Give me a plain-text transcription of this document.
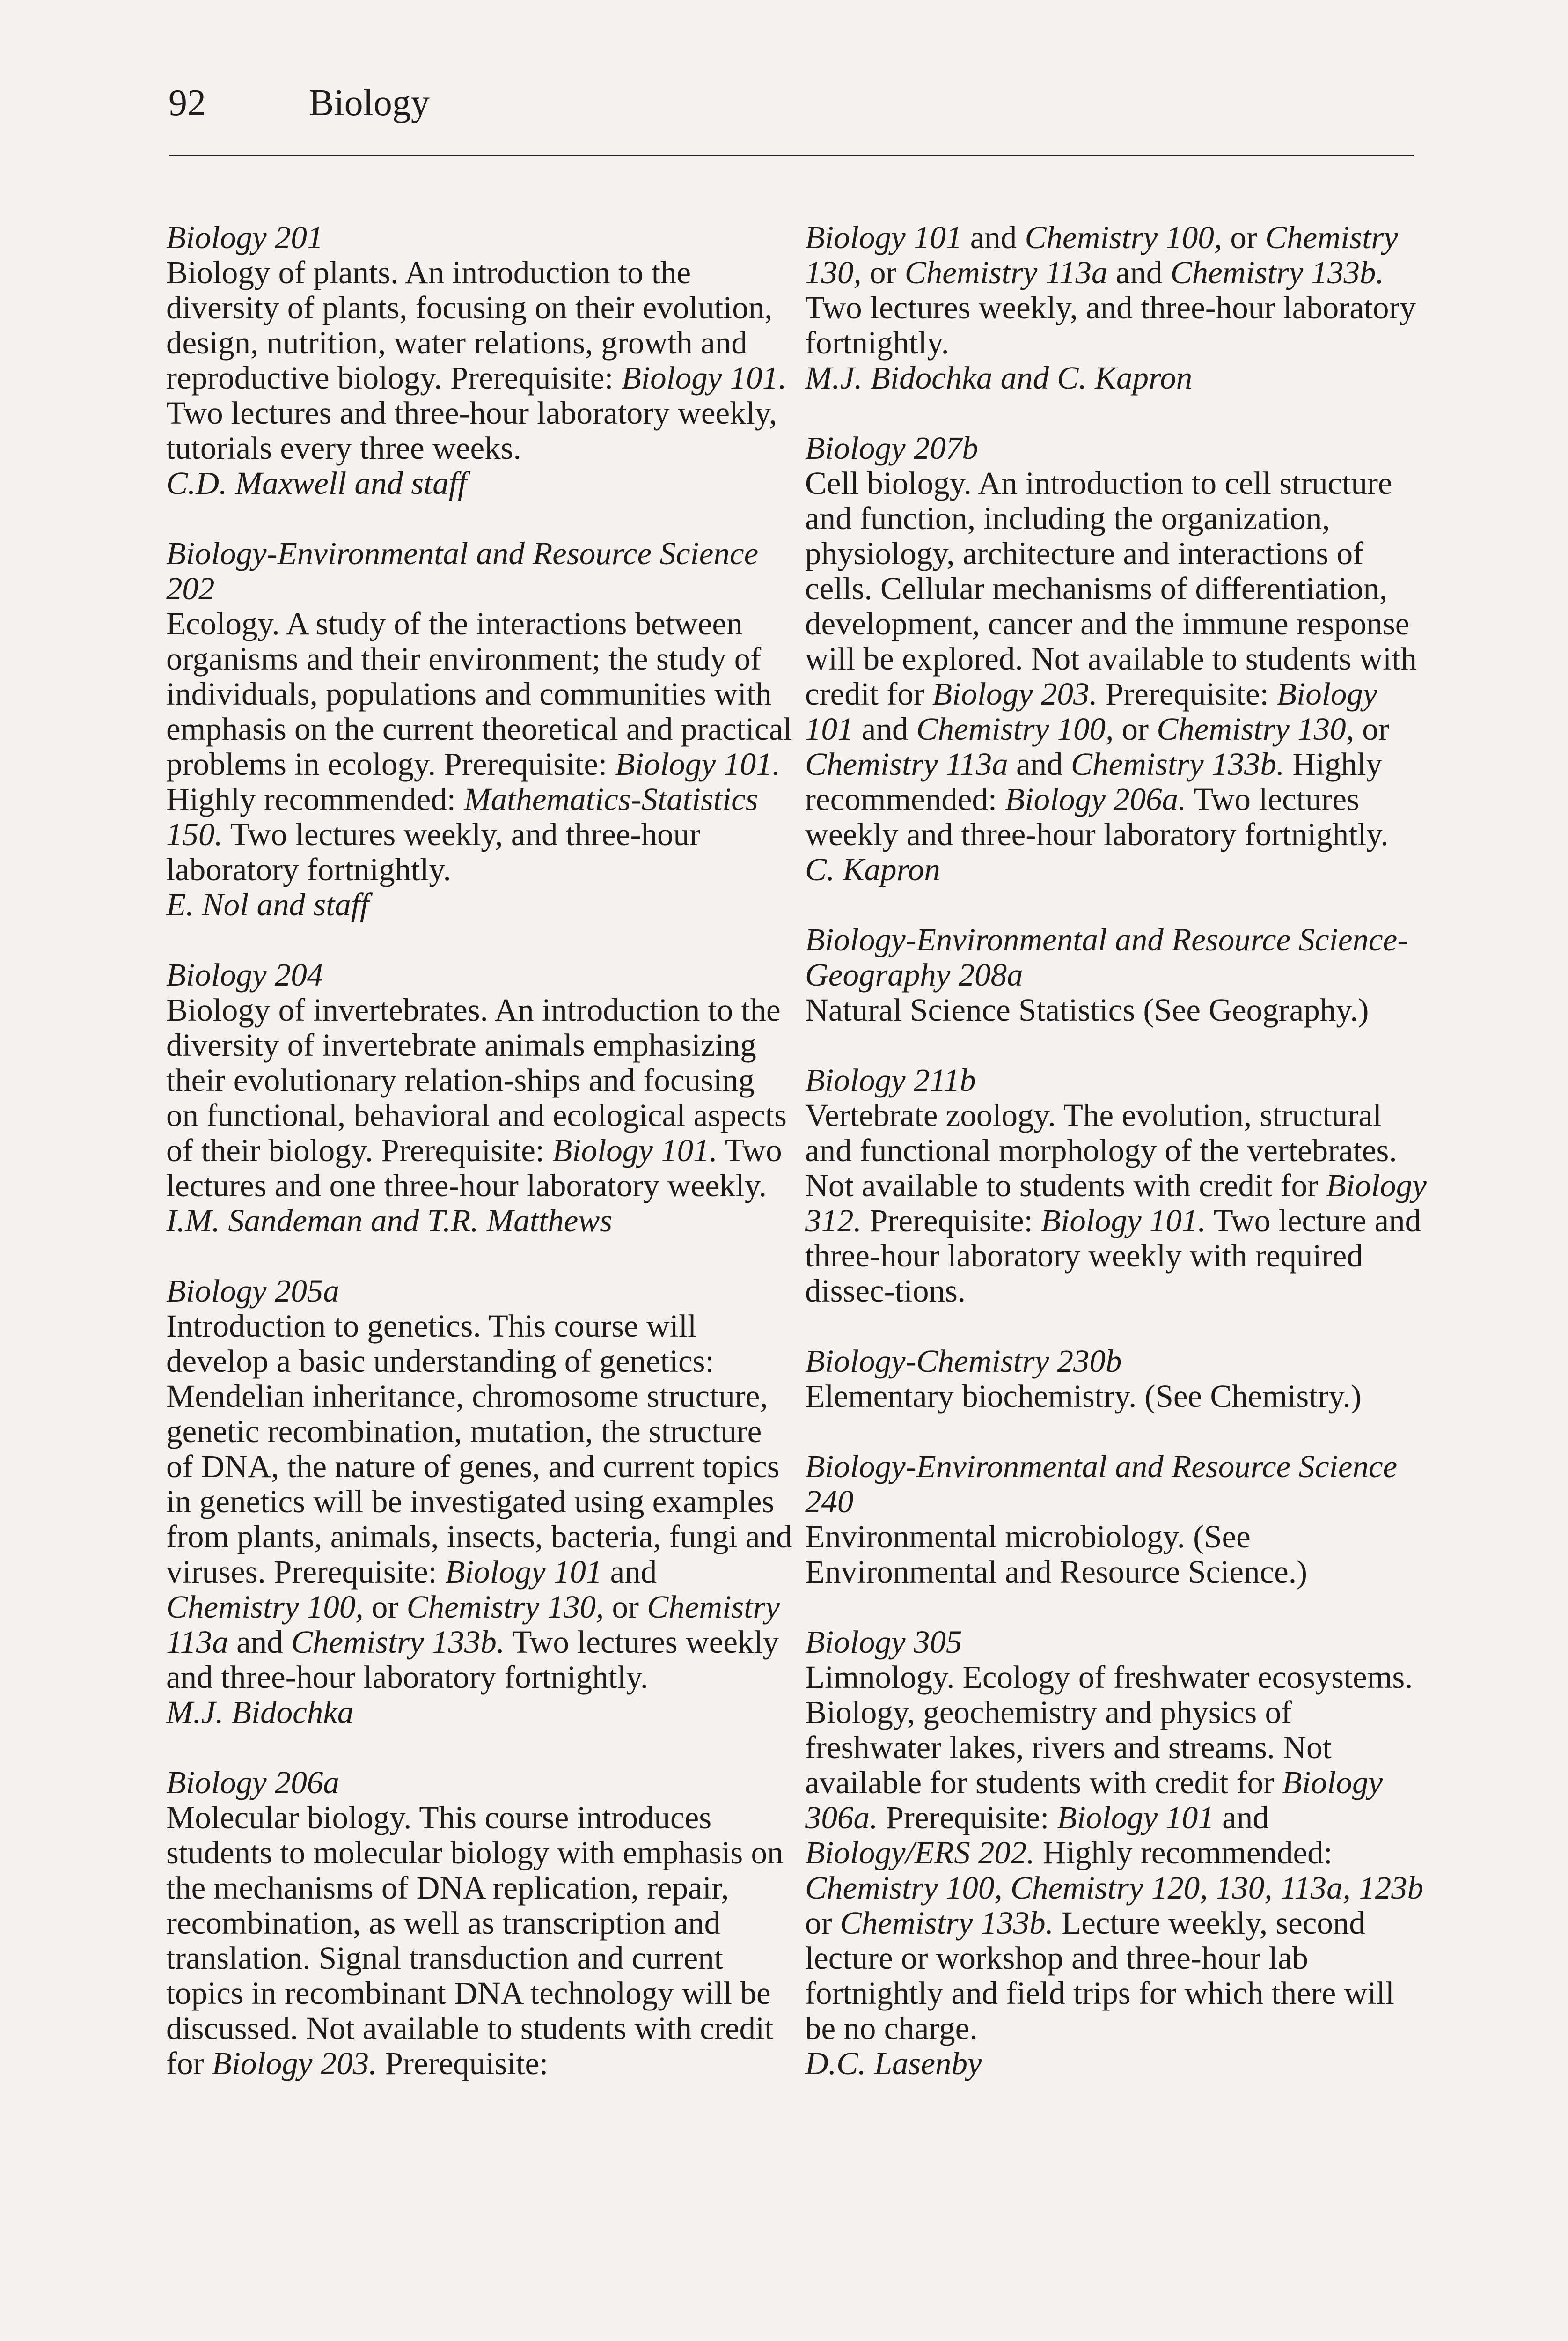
92	Biology

Biology 201

Biology of plants. An introduction to the diversity of plants, focusing on their evolution, design, nutrition, water relations, growth and reproductive biology. Prerequisite: Biology 101. Two lectures and three-hour laboratory weekly, tutorials every three weeks.

C.D. Maxwell and staff

Biology-Environmental and Resource Science 202

Ecology. A study of the interactions between organisms and their environment; the study of individuals, populations and communities with emphasis on the current theoretical and practical problems in ecology. Prerequisite: Biology 101. Highly recommended: Mathematics-Statistics 150. Two lectures weekly, and three-hour laboratory fortnightly.

E. Nol and staff

Biology 204

Biology of invertebrates. An introduction to the diversity of invertebrate animals emphasizing their evolutionary relation-ships and focusing on functional, behavioral and ecological aspects of their biology. Prerequisite: Biology 101. Two lectures and one three-hour laboratory weekly.

I.M. Sandeman and T.R. Matthews

Biology 205a

Introduction to genetics. This course will develop a basic understanding of genetics: Mendelian inheritance, chromosome structure, genetic recombination, mutation, the structure of DNA, the nature of genes, and current topics in genetics will be investigated using examples from plants, animals, insects, bacteria, fungi and viruses. Prerequisite: Biology 101 and Chemistry 100, or Chemistry 130, or Chemistry 113a and Chemistry 133b. Two lectures weekly and three-hour laboratory fortnightly.

M.J. Bidochka

Biology 206a

Molecular biology. This course introduces students to molecular biology with emphasis on the mechanisms of DNA replication, repair, recombination, as well as transcription and translation. Signal transduction and current topics in recombinant DNA technology will be discussed. Not available to students with credit for Biology 203. Prerequisite:

Biology 101 and Chemistry 100, or Chemistry 130, or Chemistry 113a and Chemistry 133b. Two lectures weekly, and three-hour laboratory fortnightly.

M.J. Bidochka and C. Kapron

Biology 207b

Cell biology. An introduction to cell structure and function, including the organization, physiology, architecture and interactions of cells. Cellular mechanisms of differentiation, development, cancer and the immune response will be explored. Not available to students with credit for Biology 203. Prerequisite: Biology 101 and Chemistry 100, or Chemistry 130, or Chemistry 113a and Chemistry 133b. Highly recommended: Biology 206a. Two lectures weekly and three-hour laboratory fortnightly.

C. Kapron

Biology-Environmental and Resource Science-Geography 208a

Natural Science Statistics (See Geography.)

Biology 211b

Vertebrate zoology. The evolution, structural and functional morphology of the vertebrates. Not available to students with credit for Biology 312. Prerequisite: Biology 101. Two lecture and three-hour laboratory weekly with required dissec-tions.

Biology-Chemistry 230b

Elementary biochemistry. (See Chemistry.)

Biology-Environmental and Resource Science 240

Environmental microbiology. (See Environmental and Resource Science.)

Biology 305

Limnology. Ecology of freshwater ecosystems. Biology, geochemistry and physics of freshwater lakes, rivers and streams. Not available for students with credit for Biology 306a. Prerequisite: Biology 101 and Biology/ERS 202. Highly recommended: Chemistry 100, Chemistry 120, 130, 113a, 123b or Chemistry 133b. Lecture weekly, second lecture or workshop and three-hour lab fortnightly and field trips for which there will be no charge.

D.C. Lasenby
